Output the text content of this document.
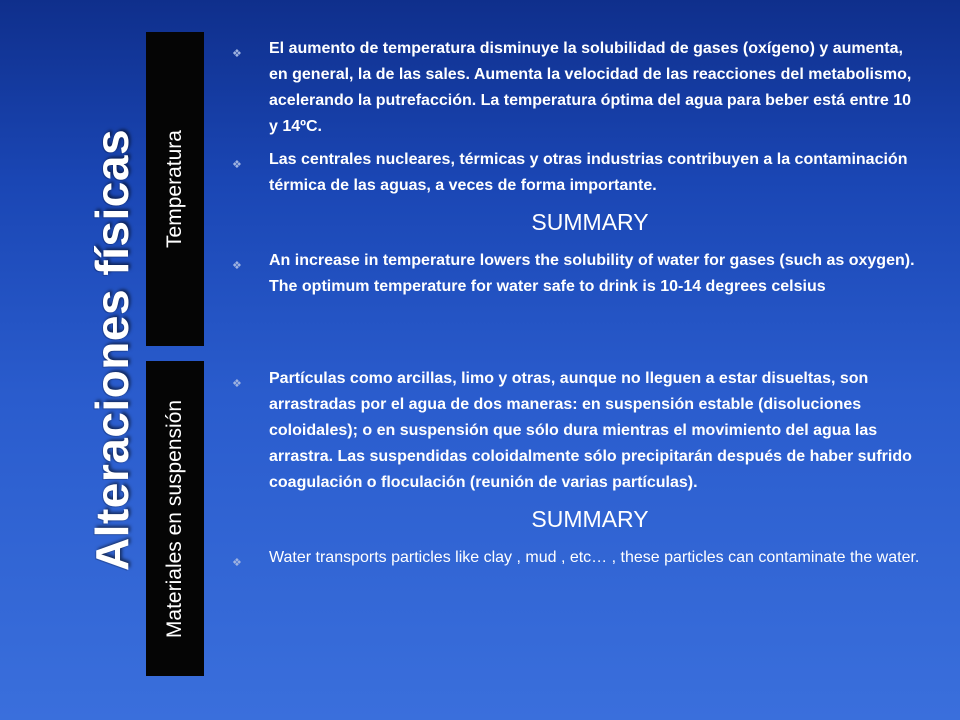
Alteraciones físicas Temperatura
Materiales en suspensión
❖ El aumento de temperatura disminuye la solubilidad de gases (oxígeno) y aumenta, en general, la de las sales. Aumenta la velocidad de las reacciones del metabolismo, acelerando la putrefacción. La temperatura óptima del agua para beber está entre 10 y 14ºC.
❖ Las centrales nucleares, térmicas y otras industrias contribuyen a la contaminación térmica de las aguas, a veces de forma importante.
SUMMARY
❖ An increase in temperature lowers the solubility of water for gases (such as oxygen). The optimum temperature for water safe to drink is 10-14 degrees celsius
❖ Partículas como arcillas, limo y otras, aunque no lleguen a estar disueltas, son arrastradas por el agua de dos maneras: en suspensión estable (disoluciones coloidales); o en suspensión que sólo dura mientras el movimiento del agua las arrastra. Las suspendidas coloidalmente sólo precipitarán después de haber sufrido coagulación o floculación (reunión de varias partículas).
SUMMARY
❖ Water transports particles like clay , mud , etc… , these particles can contaminate the water.
